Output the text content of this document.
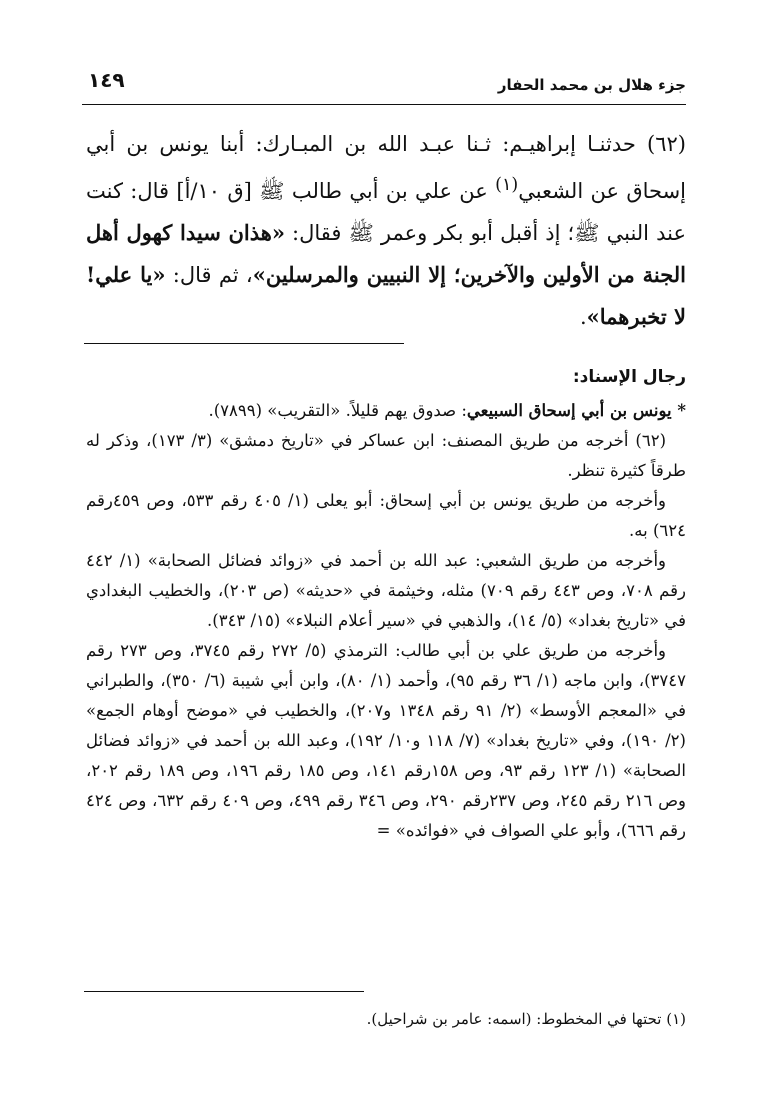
جزء هلال بن محمد الحفار
١٤٩

(٦٢) حدثنـا إبراهيـم: ثـنا عبـد الله بن المبـارك: أبنا يونس بن أبي إسحاق عن الشعبي$^{(١)}$ عن علي بن أبي طالب ﷺ [ق ١٠/أ] قال: كنت عند النبي ﷺ؛ إذ أقبل أبو بكر وعمر ﷺ فقال: «هذان سيدا كهول أهل الجنة من الأولين والآخرين؛ إلا النبيين والمرسلين»، ثم قال: «يا علي! لا تخبرهما».

رجال الإسناد:

* يونس بن أبي إسحاق السبيعي: صدوق يهم قليلاً. «التقريب» (٧٨٩٩).

(٦٢) أخرجه من طريق المصنف: ابن عساكر في «تاريخ دمشق» (٣/ ١٧٣)، وذكر له طرقاً كثيرة تنظر.

وأخرجه من طريق يونس بن أبي إسحاق: أبو يعلى (١/ ٤٠٥ رقم ٥٣٣، وص ٤٥٩رقم ٦٢٤) به.

وأخرجه من طريق الشعبي: عبد الله بن أحمد في «زوائد فضائل الصحابة» (١/ ٤٤٢ رقم ٧٠٨، وص ٤٤٣ رقم ٧٠٩) مثله، وخيثمة في «حديثه» (ص ٢٠٣)، والخطيب البغدادي في «تاريخ بغداد» (٥/ ١٤)، والذهبي في «سير أعلام النبلاء» (١٥/ ٣٤٣).

وأخرجه من طريق علي بن أبي طالب: الترمذي (٥/ ٢٧٢ رقم ٣٧٤٥، وص ٢٧٣ رقم ٣٧٤٧)، وابن ماجه (١/ ٣٦ رقم ٩٥)، وأحمد (١/ ٨٠)، وابن أبي شيبة (٦/ ٣٥٠)، والطبراني في «المعجم الأوسط» (٢/ ٩١ رقم ١٣٤٨ و٢٠٧)، والخطيب في «موضح أوهام الجمع» (٢/ ١٩٠)، وفي «تاريخ بغداد» (٧/ ١١٨ و١٠/ ١٩٢)، وعبد الله بن أحمد في «زوائد فضائل الصحابة» (١/ ١٢٣ رقم ٩٣، وص ١٥٨رقم ١٤١، وص ١٨٥ رقم ١٩٦، وص ١٨٩ رقم ٢٠٢، وص ٢١٦ رقم ٢٤٥، وص ٢٣٧رقم ٢٩٠، وص ٣٤٦ رقم ٤٩٩، وص ٤٠٩ رقم ٦٣٢، وص ٤٢٤ رقم ٦٦٦)، وأبو علي الصواف في «فوائده» =

(١) تحتها في المخطوط: (اسمه: عامر بن شراحيل).
